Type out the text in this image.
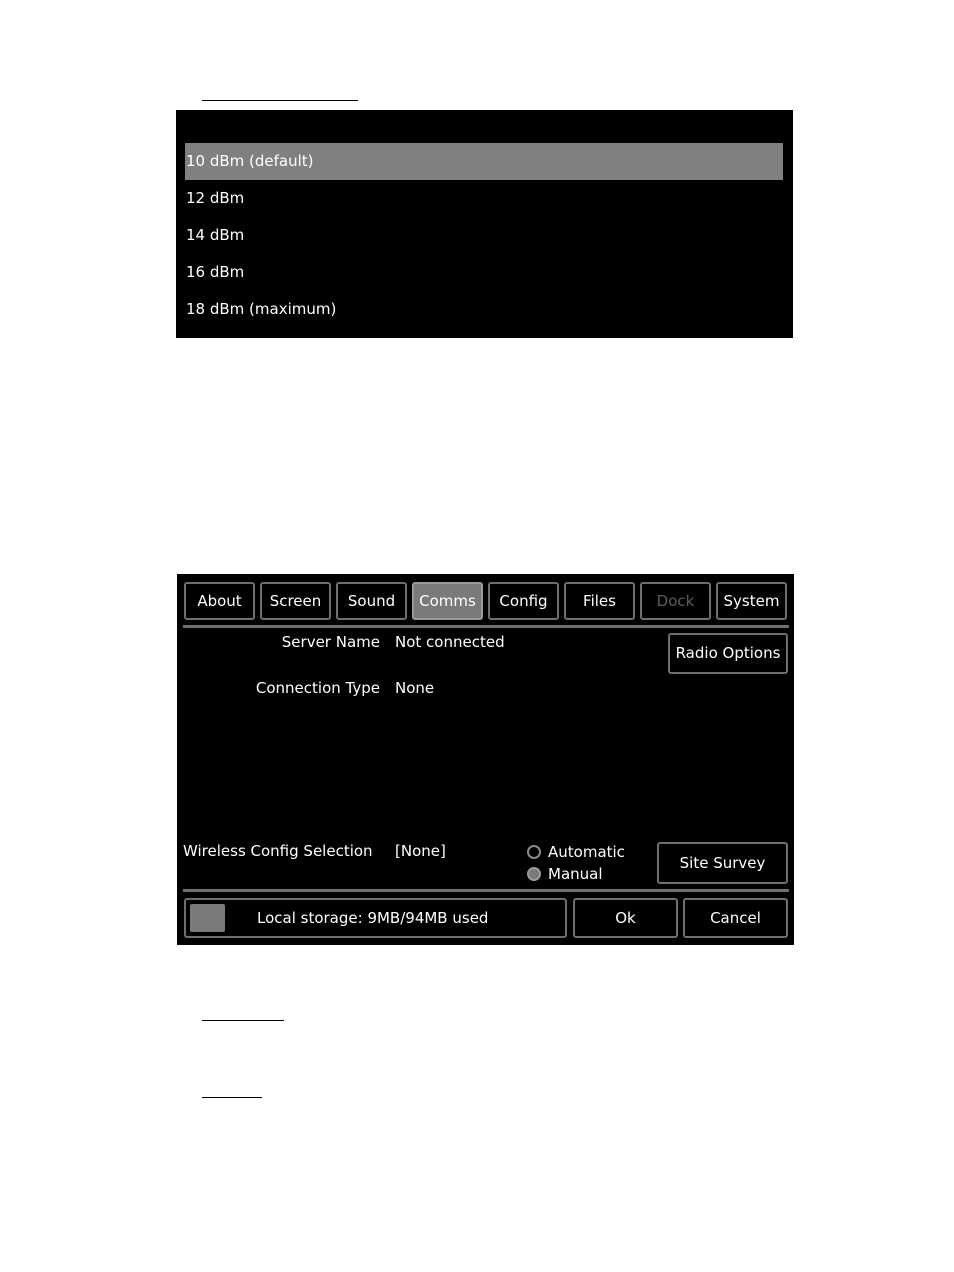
10 dBm (default)
12 dBm
14 dBm
16 dBm
18 dBm (maximum)
About	Screen	Sound	Comms	Config	Files	Dock	System
Server Name Not connected
Radio Options
Connection Type None
Wireless Config Selection [None]	Automatic
Manual
Site Survey
Local storage: 9MB/94MB used	Ok	Cancel
